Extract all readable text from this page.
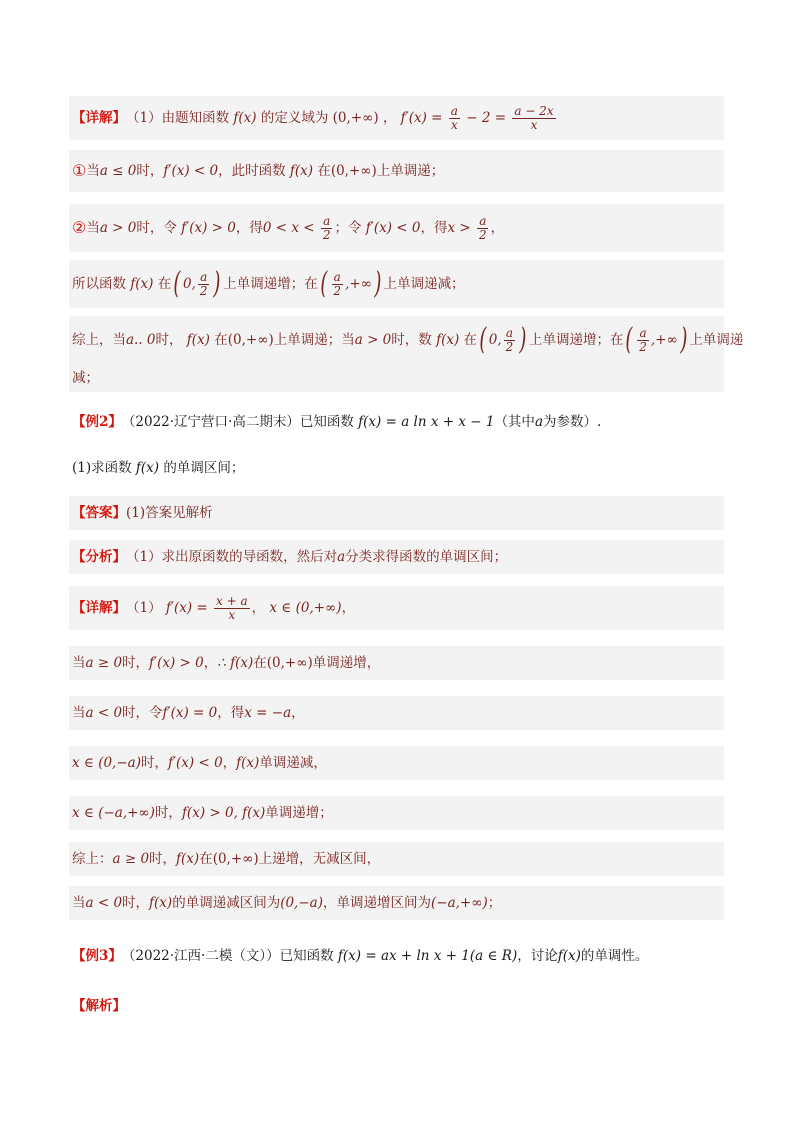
【详解】 （1）由题知函数 f(x) 的定义域为 (0,+∞) ， $f'(x) = \frac{a}{x} - 2 = \frac{a - 2x}{x}$
① 当 a ≤ 0 时， f′(x) < 0 ，此时函数 f(x) 在 (0,+∞) 上单调递；
② 当 a > 0 时，令 f′(x) > 0 ，得 $0 < x < \frac{a}{2}$ ；令 f′(x) < 0 ，得 $x > \frac{a}{2}$ ，
所以函数 f(x) 在 ( 0, $\frac{a}{2}$ ) 上单调递增；在 ( $\frac{a}{2}$ ,+∞ ) 上单调递减；
综上，当 a.. 0 时， f(x) 在 (0,+∞) 上单调递；当 a > 0 时，数 f(x) 在 ( 0, $\frac{a}{2}$ ) 上单调递增；在 ( $\frac{a}{2}$ ,+∞ ) 上单调递
减；
【例2】 （2022·辽宁营口·高二期末）已知函数 f(x) = a ln x + x − 1 （其中 a 为参数）.
(1)求函数 f(x) 的单调区间；
【答案】 (1)答案见解析
【分析】 （1）求出原函数的导函数，然后对 a 分类求得函数的单调区间；
【详解】 （1） $f'(x) = \frac{x + a}{x}$ ， x ∈ (0,+∞) ，
当 a ≥ 0 时， f′(x) > 0 ， ∴ f(x) 在 (0,+∞) 单调递增，
当 a < 0 时，令 f′(x) = 0 ，得 x = −a ，
x ∈ (0,−a) 时， f′(x) < 0 ， f(x) 单调递减，
x ∈ (−a,+∞) 时， f(x) > 0, f(x) 单调递增；
综上： a ≥ 0 时， f(x) 在 (0,+∞) 上递增，无减区间，
当 a < 0 时， f(x) 的单调递减区间为 (0,−a) ，单调递增区间为 (−a,+∞) ；
【例3】 （2022·江西·二模（文））已知函数 f(x) = ax + ln x + 1(a ∈ R) ，讨论 f(x) 的单调性。
【解析】
